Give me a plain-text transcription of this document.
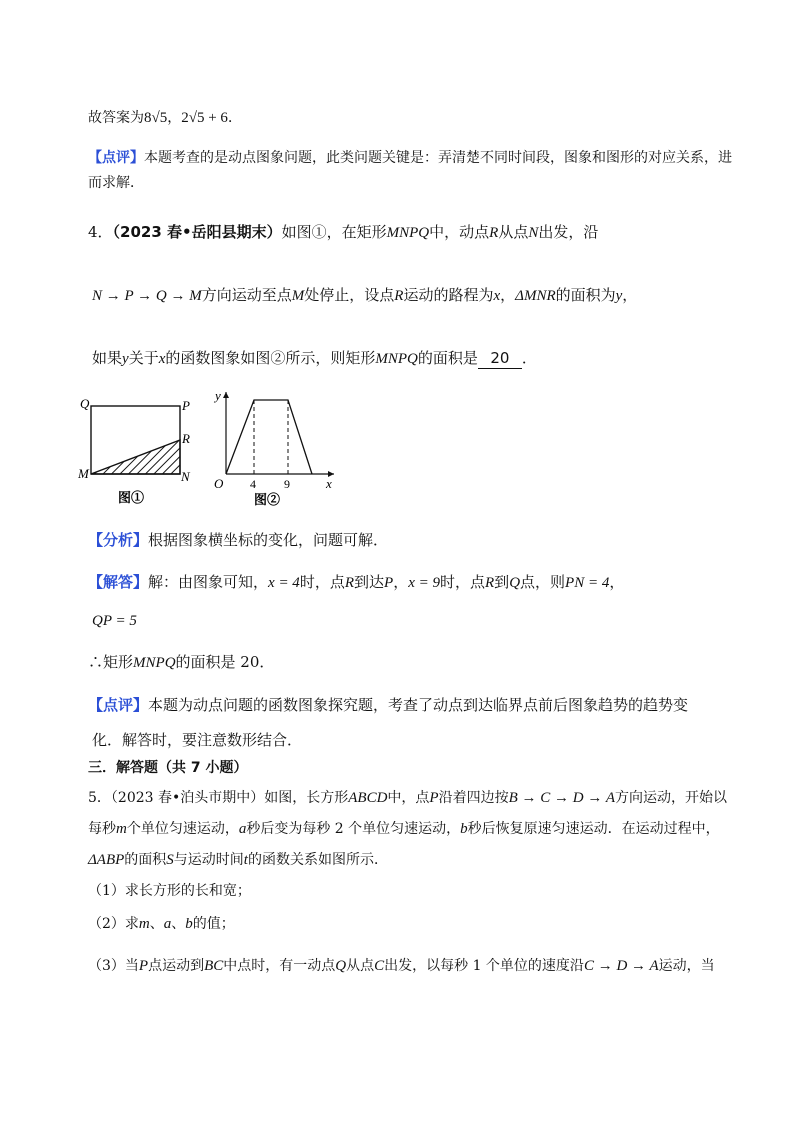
故答案为8√5，2√5 + 6．
【点评】本题考查的是动点图象问题，此类问题关键是：弄清楚不同时间段，图象和图形的对应关系，进
而求解．
4．（2023 春•岳阳县期末）如图①，在矩形MNPQ中，动点R从点N出发，沿
N → P → Q → M方向运动至点M处停止，设点R运动的路程为x，ΔMNR的面积为y，
如果y关于x的函数图象如图②所示，则矩形MNPQ的面积是 20 ．
Q	P
R
M	N
图①
y
O 4 9	x
图②
【分析】根据图象横坐标的变化，问题可解．
【解答】解：由图象可知，x = 4时，点R到达P，x = 9时，点R到Q点，则PN = 4，
QP = 5
∴矩形MNPQ的面积是 20．
【点评】本题为动点问题的函数图象探究题，考查了动点到达临界点前后图象趋势的趋势变
化．解答时，要注意数形结合．
三．解答题（共 7 小题）
5．（2023 春•泊头市期中）如图，长方形ABCD中，点P沿着四边按B → C → D → A方向运动，开始以
每秒m个单位匀速运动，a秒后变为每秒 2 个单位匀速运动，b秒后恢复原速匀速运动．在运动过程中，
ΔABP的面积S与运动时间t的函数关系如图所示．
（1）求长方形的长和宽；
（2）求m、a、b的值；
（3）当P点运动到BC中点时，有一动点Q从点C出发，以每秒 1 个单位的速度沿C → D → A运动，当
